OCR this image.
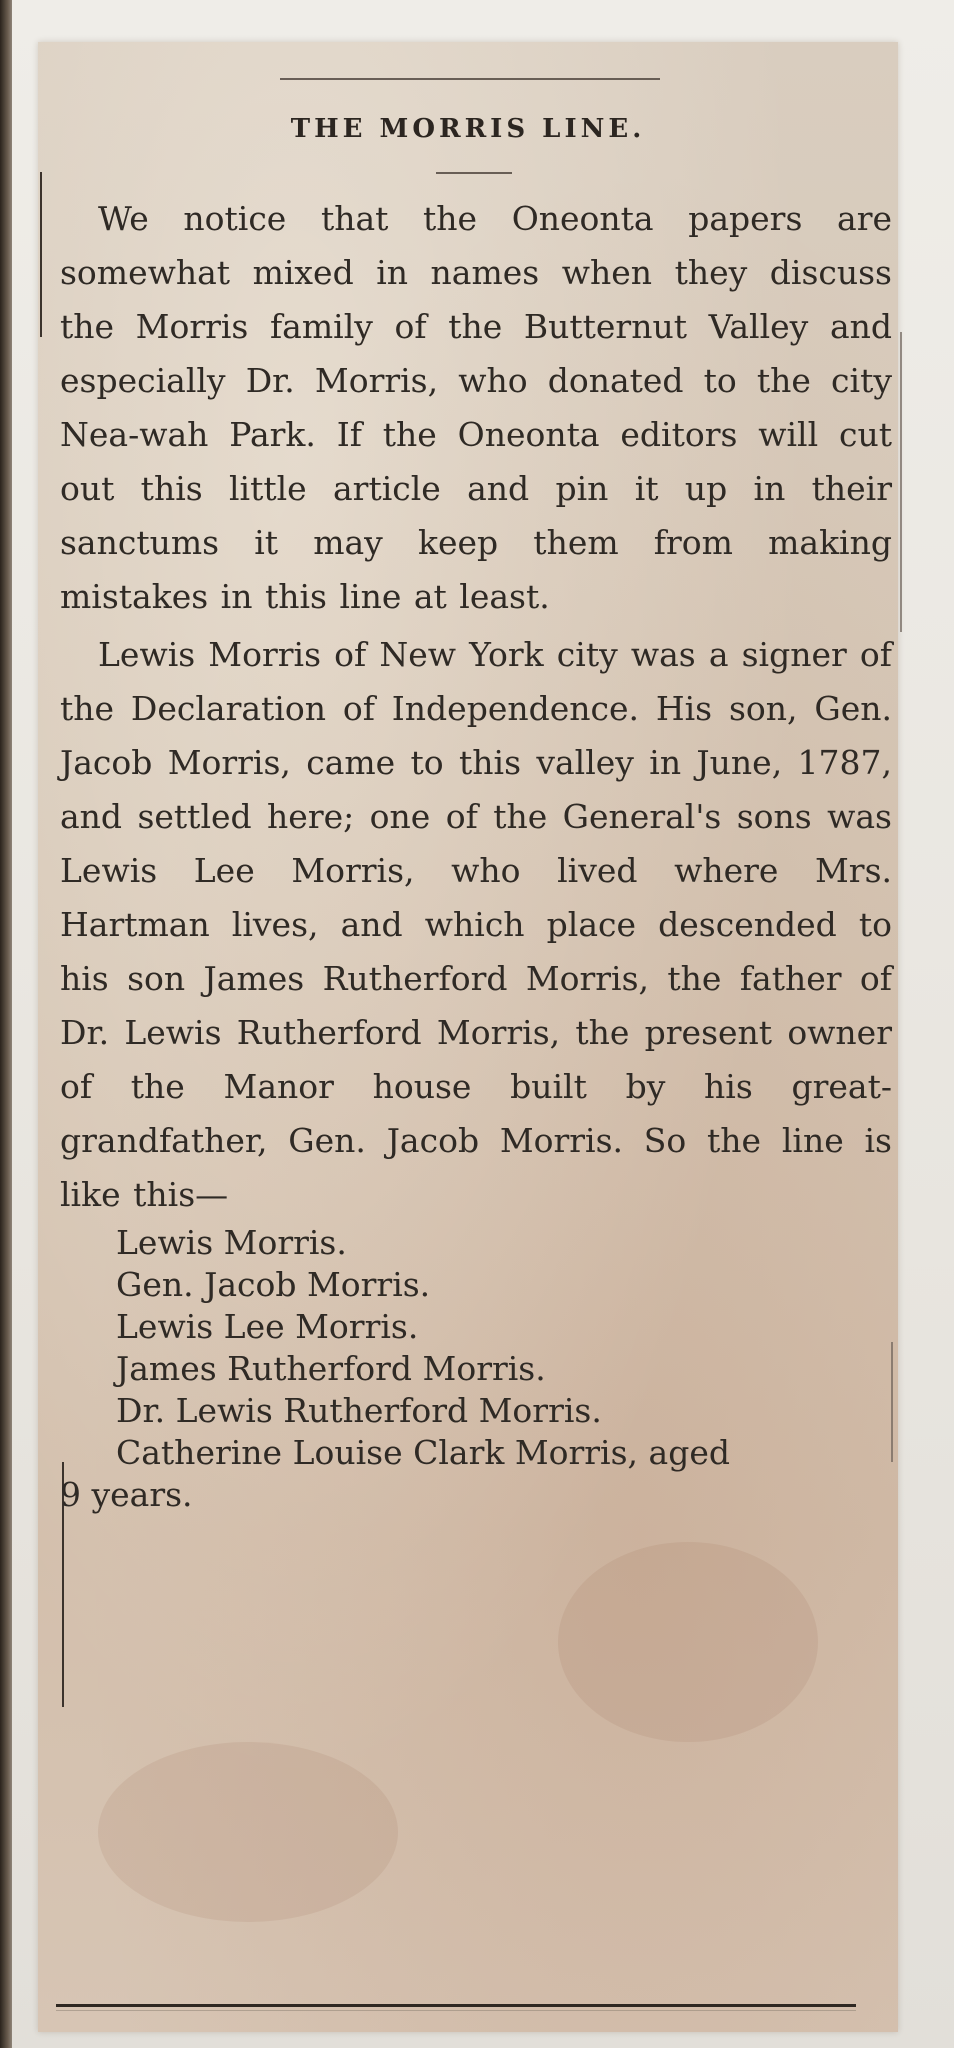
THE MORRIS LINE.

We notice that the Oneonta papers are somewhat mixed in names when they discuss the Morris family of the Butternut Valley and especially Dr. Morris, who donated to the city Nea-wah Park. If the Oneonta editors will cut out this little article and pin it up in their sanctums it may keep them from making mistakes in this line at least.

Lewis Morris of New York city was a signer of the Declaration of Independence. His son, Gen. Jacob Morris, came to this valley in June, 1787, and settled here; one of the General's sons was Lewis Lee Morris, who lived where Mrs. Hartman lives, and which place descended to his son James Rutherford Morris, the father of Dr. Lewis Rutherford Morris, the present owner of the Manor house built by his great-grandfather, Gen. Jacob Morris. So the line is like this—

Lewis Morris.
Gen. Jacob Morris.
Lewis Lee Morris.
James Rutherford Morris.
Dr. Lewis Rutherford Morris.
Catherine Louise Clark Morris, aged

9 years.
